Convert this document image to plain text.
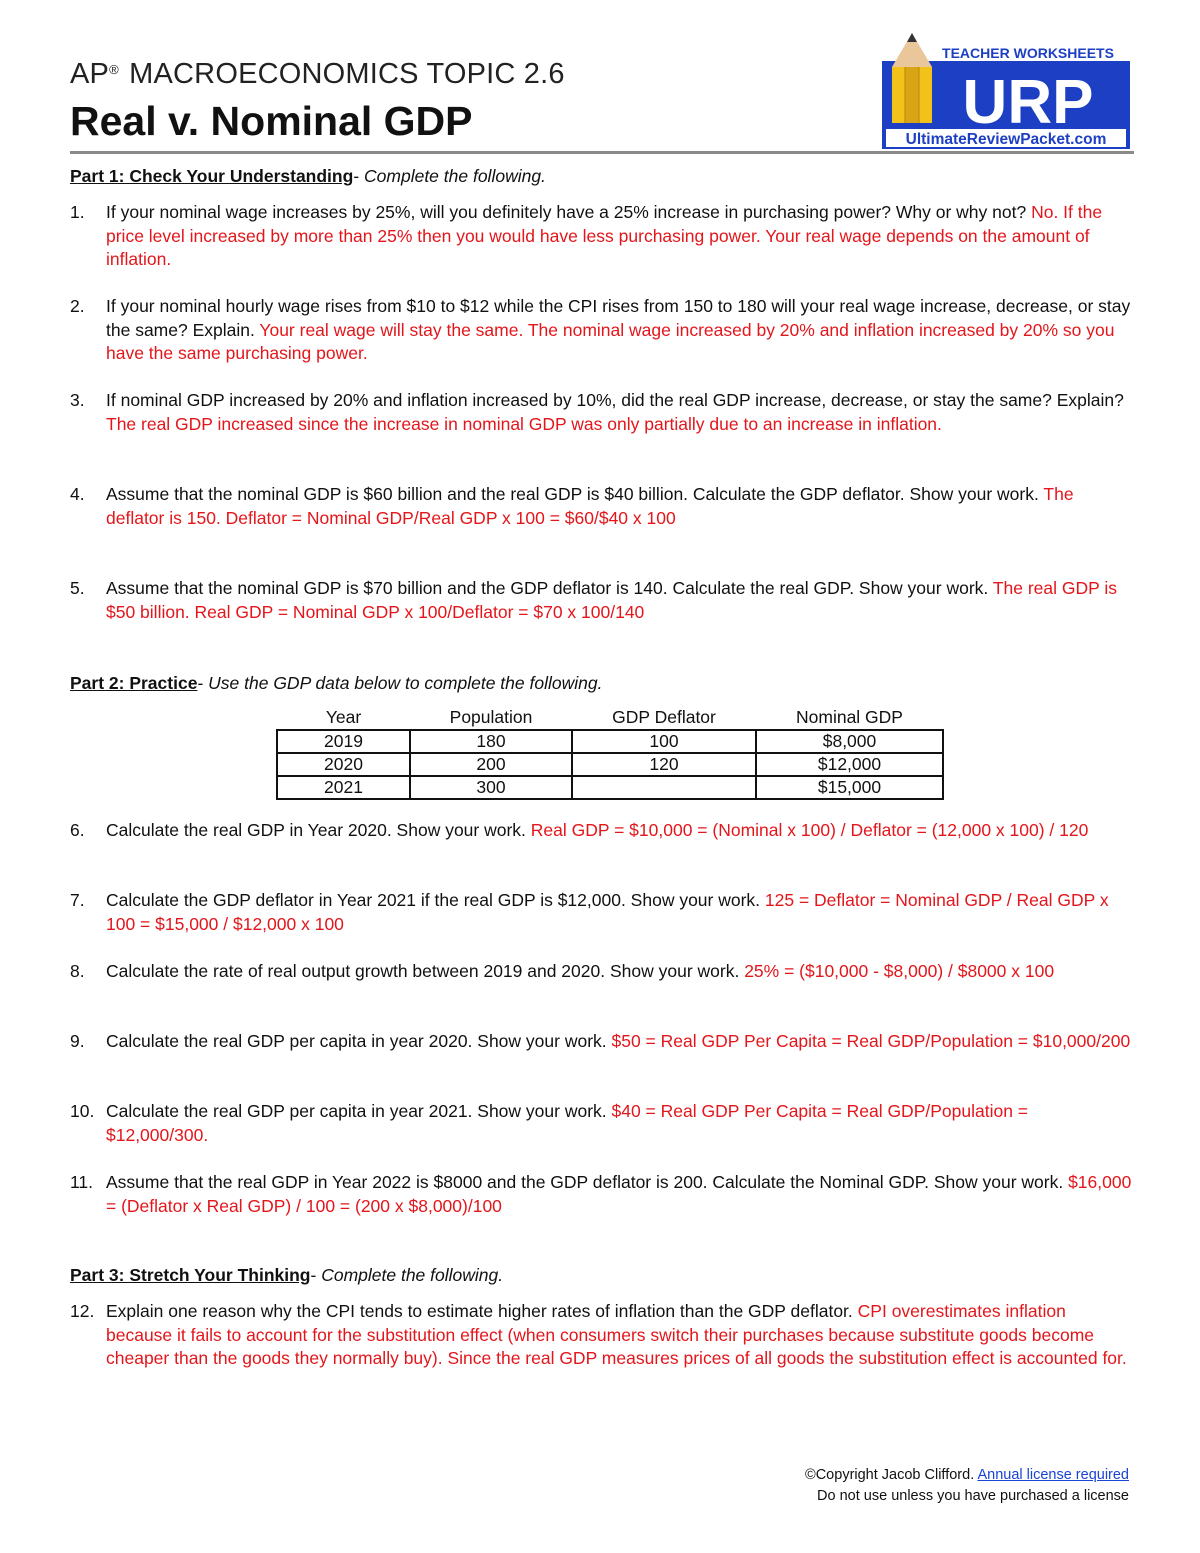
AP® MACROECONOMICS TOPIC 2.6
Real v. Nominal GDP
TEACHER WORKSHEETS
URP
UltimateReviewPacket.com
Part 1: Check Your Understanding- Complete the following.
1.	If your nominal wage increases by 25%, will you definitely have a 25% increase in purchasing power? Why or why not? No. If the price level increased by more than 25% then you would have less purchasing power. Your real wage depends on the amount of inflation.
2.	If your nominal hourly wage rises from $10 to $12 while the CPI rises from 150 to 180 will your real wage increase, decrease, or stay the same? Explain. Your real wage will stay the same. The nominal wage increased by 20% and inflation increased by 20% so you have the same purchasing power.
3.	If nominal GDP increased by 20% and inflation increased by 10%, did the real GDP increase, decrease, or stay the same? Explain? The real GDP increased since the increase in nominal GDP was only partially due to an increase in inflation.
4.	Assume that the nominal GDP is $60 billion and the real GDP is $40 billion. Calculate the GDP deflator. Show your work. The deflator is 150. Deflator = Nominal GDP/Real GDP x 100 = $60/$40 x 100
5.	Assume that the nominal GDP is $70 billion and the GDP deflator is 140. Calculate the real GDP. Show your work. The real GDP is $50 billion. Real GDP = Nominal GDP x 100/Deflator = $70 x 100/140
Part 2: Practice- Use the GDP data below to complete the following.
Year	Population	GDP Deflator	Nominal GDP
2019	180	100	$8,000
2020	200	120	$12,000
2021	300		$15,000
6.	Calculate the real GDP in Year 2020. Show your work. Real GDP = $10,000 = (Nominal x 100) / Deflator = (12,000 x 100) / 120
7.	Calculate the GDP deflator in Year 2021 if the real GDP is $12,000. Show your work. 125 = Deflator = Nominal GDP / Real GDP x 100 = $15,000 / $12,000 x 100
8.	Calculate the rate of real output growth between 2019 and 2020. Show your work. 25% = ($10,000 - $8,000) / $8000 x 100
9.	Calculate the real GDP per capita in year 2020. Show your work. $50 = Real GDP Per Capita = Real GDP/Population = $10,000/200
10. Calculate the real GDP per capita in year 2021. Show your work. $40 = Real GDP Per Capita = Real GDP/Population = $12,000/300.
11. Assume that the real GDP in Year 2022 is $8000 and the GDP deflator is 200. Calculate the Nominal GDP. Show your work. $16,000 = (Deflator x Real GDP) / 100 = (200 x $8,000)/100
Part 3: Stretch Your Thinking- Complete the following.
12. Explain one reason why the CPI tends to estimate higher rates of inflation than the GDP deflator. CPI overestimates inflation because it fails to account for the substitution effect (when consumers switch their purchases because substitute goods become cheaper than the goods they normally buy). Since the real GDP measures prices of all goods the substitution effect is accounted for.
©Copyright Jacob Clifford. Annual license required
Do not use unless you have purchased a license
